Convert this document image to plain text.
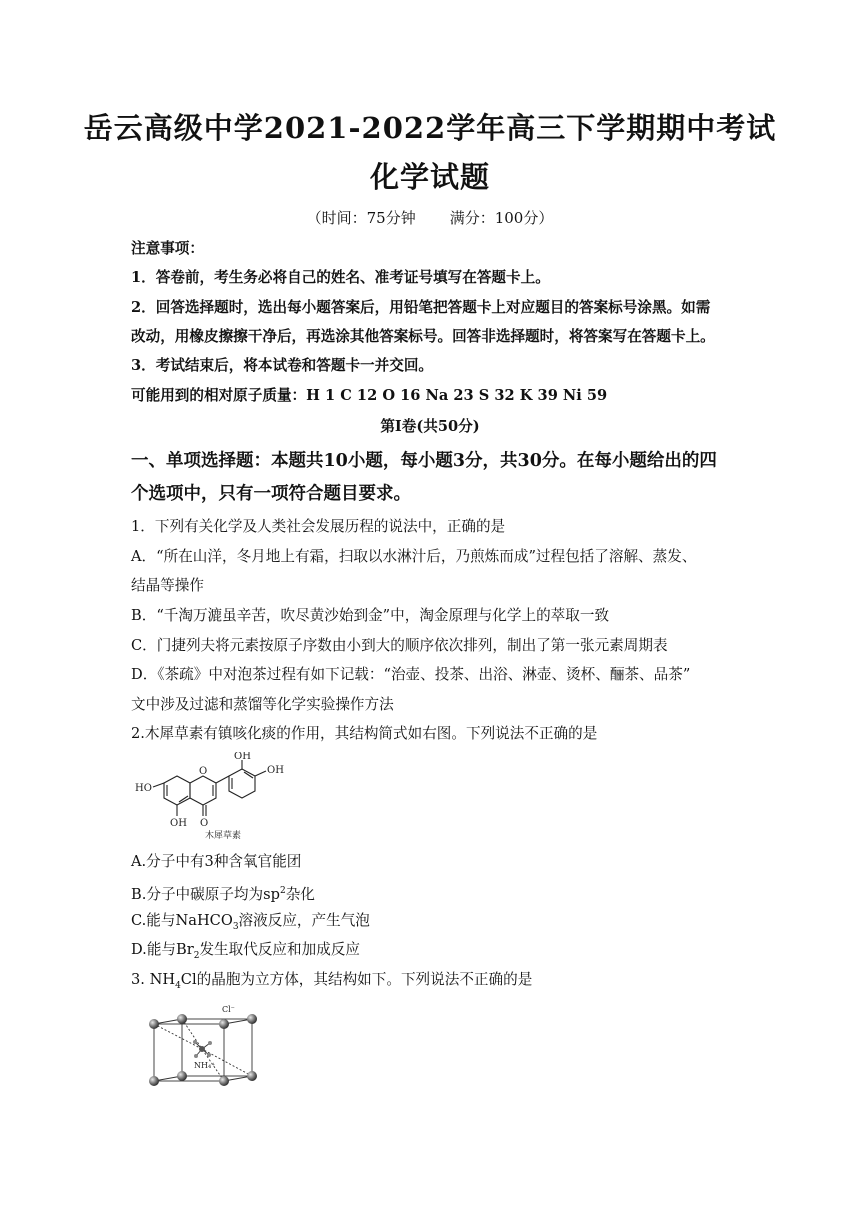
岳云高级中学2021-2022学年高三下学期期中考试
化学试题
（时间：75分钟 满分：100分）
注意事项：
1．答卷前，考生务必将自己的姓名、准考证号填写在答题卡上。
2．回答选择题时，选出每小题答案后，用铅笔把答题卡上对应题目的答案标号涂黑。如需
改动，用橡皮擦擦干净后，再选涂其他答案标号。回答非选择题时，将答案写在答题卡上。
3．考试结束后，将本试卷和答题卡一并交回。
可能用到的相对原子质量：H 1 C 12 O 16 Na 23 S 32 K 39 Ni 59
第Ⅰ卷(共50分)
一、单项选择题：本题共10小题，每小题3分，共30分。在每小题给出的四
个选项中，只有一项符合题目要求。
1．下列有关化学及人类社会发展历程的说法中，正确的是
A．“所在山洋，冬月地上有霜，扫取以水淋汁后，乃煎炼而成”过程包括了溶解、蒸发、
结晶等操作
B．“千淘万漉虽辛苦，吹尽黄沙始到金”中，淘金原理与化学上的萃取一致
C．门捷列夫将元素按原子序数由小到大的顺序依次排列，制出了第一张元素周期表
D．《茶疏》中对泡茶过程有如下记载：“治壶、投茶、出浴、淋壶、烫杯、酾茶、品茶”
文中涉及过滤和蒸馏等化学实验操作方法
2.木犀草素有镇咳化痰的作用，其结构简式如右图。下列说法不正确的是
HO
O
O
OH
OH
OH
木犀草素
A.分子中有3种含氧官能团
B.分子中碳原子均为$sp^2$杂化
C.能与NaHCO$_3$溶液反应，产生气泡
D.能与$Br_2$发生取代反应和加成反应
3. $NH_4Cl$的晶胞为立方体，其结构如下。下列说法不正确的是
Cl⁻
NH₄⁺
